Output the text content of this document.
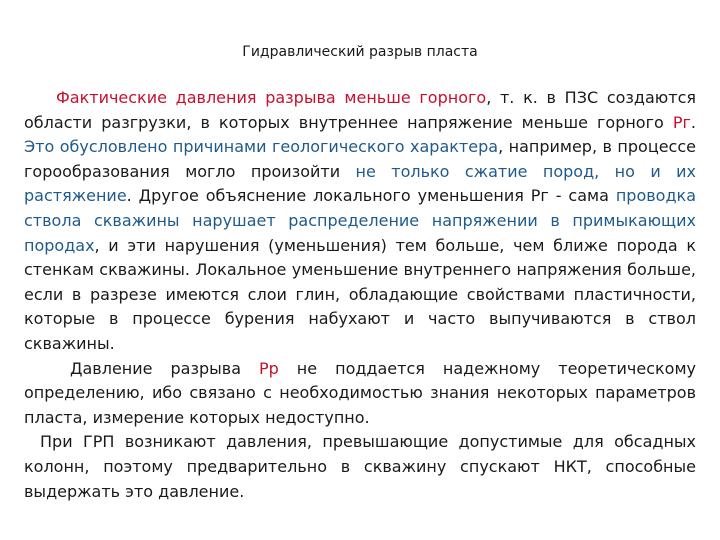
Гидравлический разрыв пласта

Фактические давления разрыва меньше горного, т. к. в ПЗС создаются области разгрузки, в которых внутреннее напряжение меньше горного Рг. Это обусловлено причинами геологического характера, например, в процессе горообразования могло произойти не только сжатие пород, но и их растяжение. Другое объяснение локального уменьшения Рг - сама проводка ствола скважины нарушает распределение напряжении в примыкающих породах, и эти нарушения (уменьшения) тем больше, чем ближе порода к стенкам скважины. Локальное уменьшение внутреннего напряжения больше, если в разрезе имеются слои глин, обладающие свойствами пластичности, которые в процессе бурения набухают и часто выпучиваются в ствол скважины.

Давление разрыва Рр не поддается надежному теоретическому определению, ибо связано с необходимостью знания некоторых параметров пласта, измерение которых недоступно.

При ГРП возникают давления, превышающие допустимые для обсадных колонн, поэтому предварительно в скважину спускают НКТ, способные выдержать это давление.
